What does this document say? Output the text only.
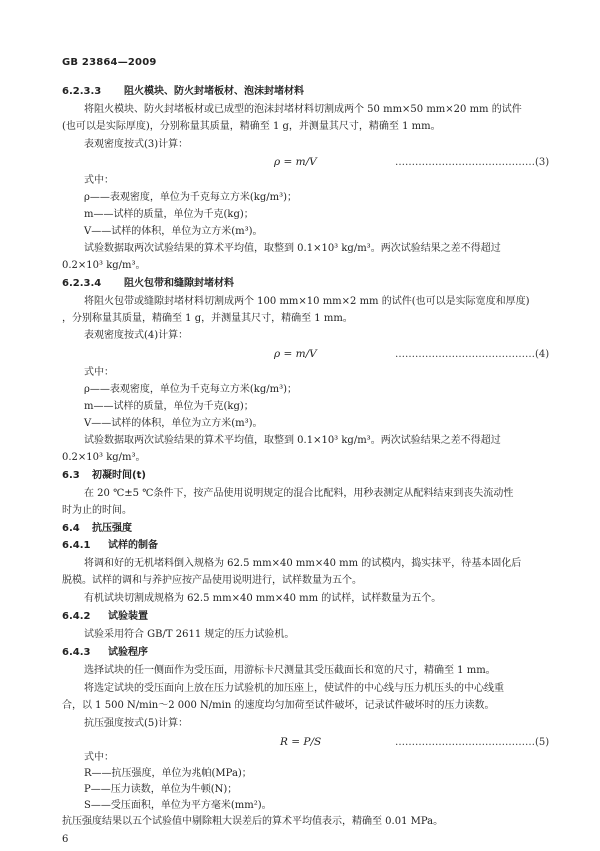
GB 23864—2009
6.2.3.3 阻火模块、防火封堵板材、泡沫封堵材料
将阻火模块、防火封堵板材或已成型的泡沫封堵材料切割成两个 50 mm×50 mm×20 mm 的试件
(也可以是实际厚度)，分别称量其质量，精确至 1 g，并测量其尺寸，精确至 1 mm。
表观密度按式(3)计算：
ρ = m/V	……………………………………(3)
式中：
ρ——表观密度，单位为千克每立方米(kg/m³)；
m——试样的质量，单位为千克(kg)；
V——试样的体积，单位为立方米(m³)。
试验数据取两次试验结果的算术平均值，取整到 0.1×10³ kg/m³。两次试验结果之差不得超过
0.2×10³ kg/m³。
6.2.3.4 阻火包带和缝隙封堵材料
将阻火包带或缝隙封堵材料切割成两个 100 mm×10 mm×2 mm 的试件(也可以是实际宽度和厚度)
，分别称量其质量，精确至 1 g，并测量其尺寸，精确至 1 mm。
表观密度按式(4)计算：
ρ = m/V	……………………………………(4)
式中：
ρ——表观密度，单位为千克每立方米(kg/m³)；
m——试样的质量，单位为千克(kg)；
V——试样的体积，单位为立方米(m³)。
试验数据取两次试验结果的算术平均值，取整到 0.1×10³ kg/m³。两次试验结果之差不得超过
0.2×10³ kg/m³。
6.3 初凝时间(t)
在 20 ℃±5 ℃条件下，按产品使用说明规定的混合比配料，用秒表测定从配料结束到丧失流动性
时为止的时间。
6.4 抗压强度
6.4.1 试样的制备
将调和好的无机堵料倒入规格为 62.5 mm×40 mm×40 mm 的试模内，捣实抹平，待基本固化后
脱模。试样的调和与养护应按产品使用说明进行，试样数量为五个。
有机试块切割成规格为 62.5 mm×40 mm×40 mm 的试样，试样数量为五个。
6.4.2 试验装置
试验采用符合 GB/T 2611 规定的压力试验机。
6.4.3 试验程序
选择试块的任一侧面作为受压面，用游标卡尺测量其受压截面长和宽的尺寸，精确至 1 mm。
将选定试块的受压面向上放在压力试验机的加压座上，使试件的中心线与压力机压头的中心线重
合，以 1 500 N/min～2 000 N/min 的速度均匀加荷至试件破坏，记录试件破坏时的压力读数。
抗压强度按式(5)计算：
R = P/S	……………………………………(5)
式中：
R——抗压强度，单位为兆帕(MPa)；
P——压力读数，单位为牛顿(N)；
S——受压面积，单位为平方毫米(mm²)。
抗压强度结果以五个试验值中剔除粗大误差后的算术平均值表示，精确至 0.01 MPa。
6
